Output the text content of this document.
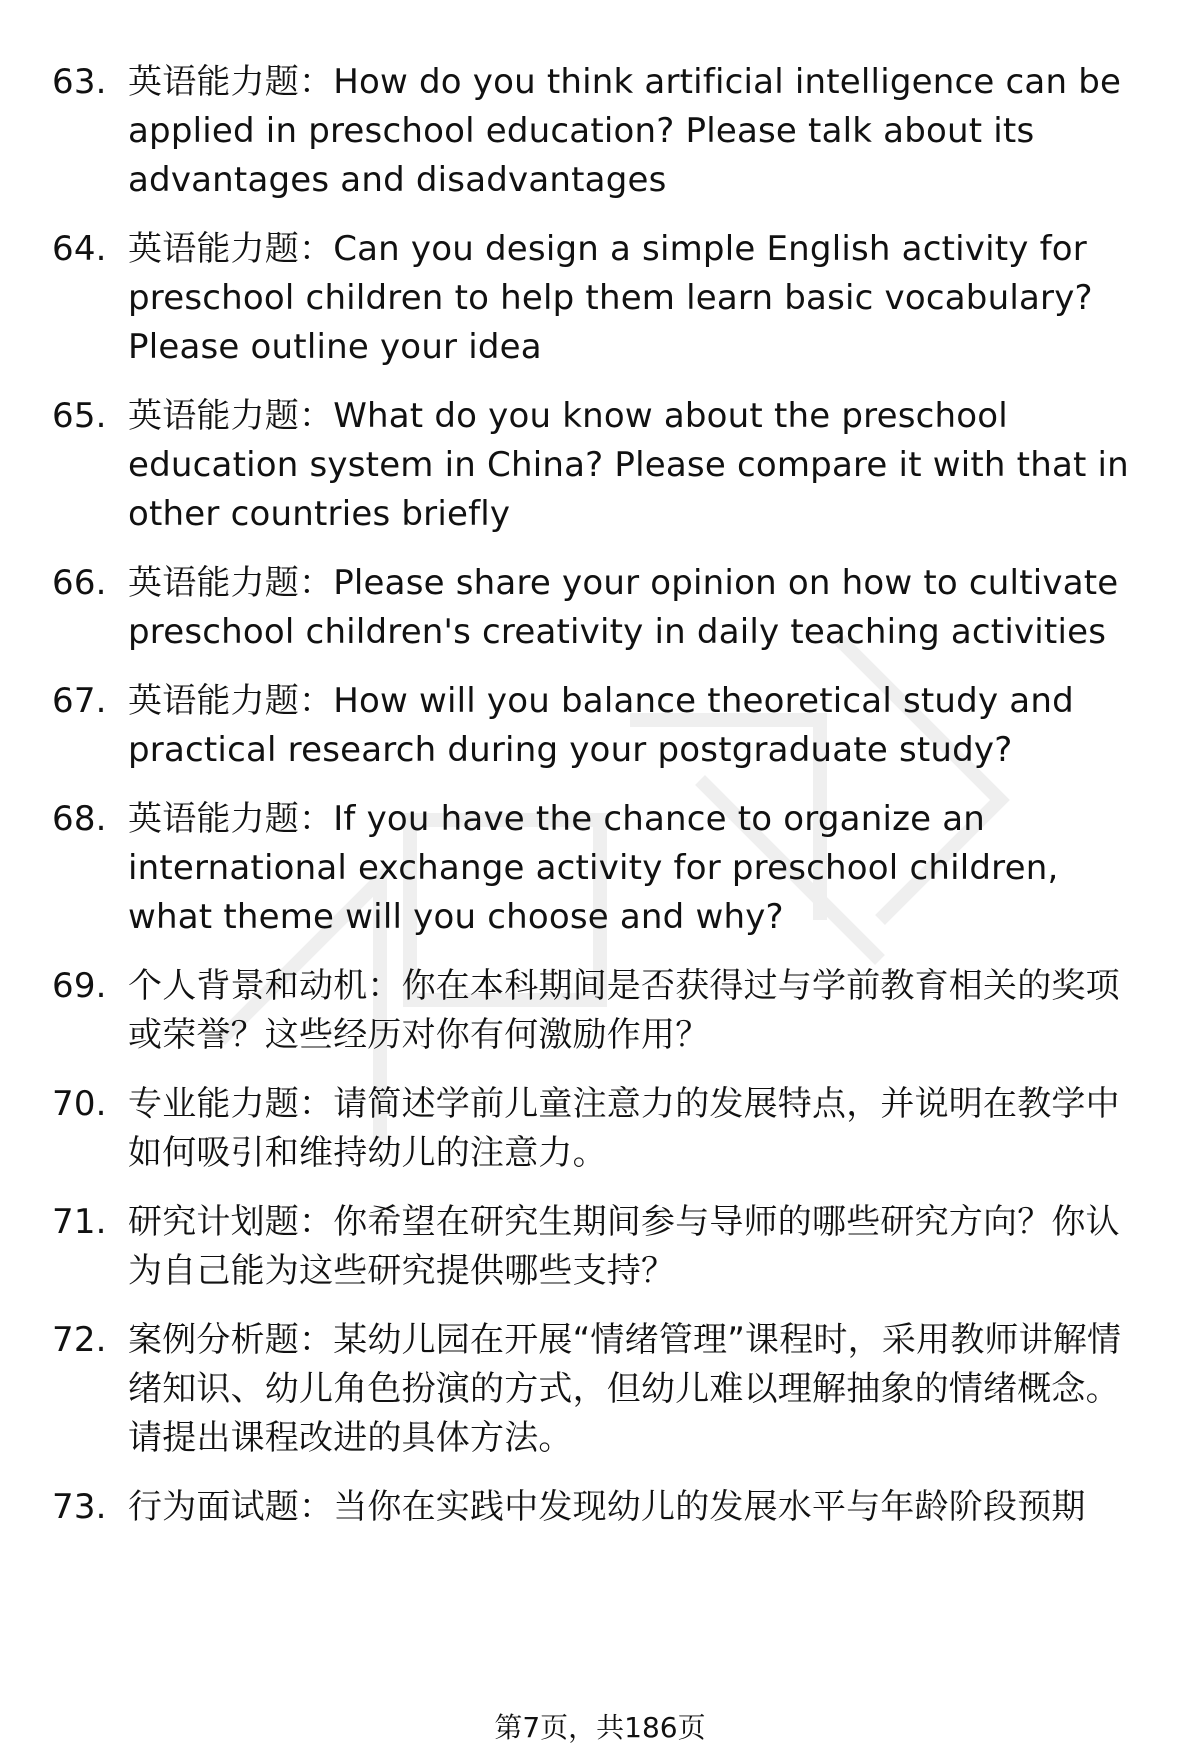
63. 英语能力题：How do you think artificial intelligence can be applied in preschool education? Please talk about its advantages and disadvantages
64. 英语能力题：Can you design a simple English activity for preschool children to help them learn basic vocabulary? Please outline your idea
65. 英语能力题：What do you know about the preschool education system in China? Please compare it with that in other countries briefly
66. 英语能力题：Please share your opinion on how to cultivate preschool children's creativity in daily teaching activities
67. 英语能力题：How will you balance theoretical study and practical research during your postgraduate study?
68. 英语能力题：If you have the chance to organize an international exchange activity for preschool children, what theme will you choose and why?
69. 个人背景和动机：你在本科期间是否获得过与学前教育相关的奖项或荣誉？这些经历对你有何激励作用？
70. 专业能力题：请简述学前儿童注意力的发展特点，并说明在教学中如何吸引和维持幼儿的注意力。
71. 研究计划题：你希望在研究生期间参与导师的哪些研究方向？你认为自己能为这些研究提供哪些支持？
72. 案例分析题：某幼儿园在开展“情绪管理”课程时，采用教师讲解情绪知识、幼儿角色扮演的方式，但幼儿难以理解抽象的情绪概念。请提出课程改进的具体方法。
73. 行为面试题：当你在实践中发现幼儿的发展水平与年龄阶段预期
第7页，共186页
